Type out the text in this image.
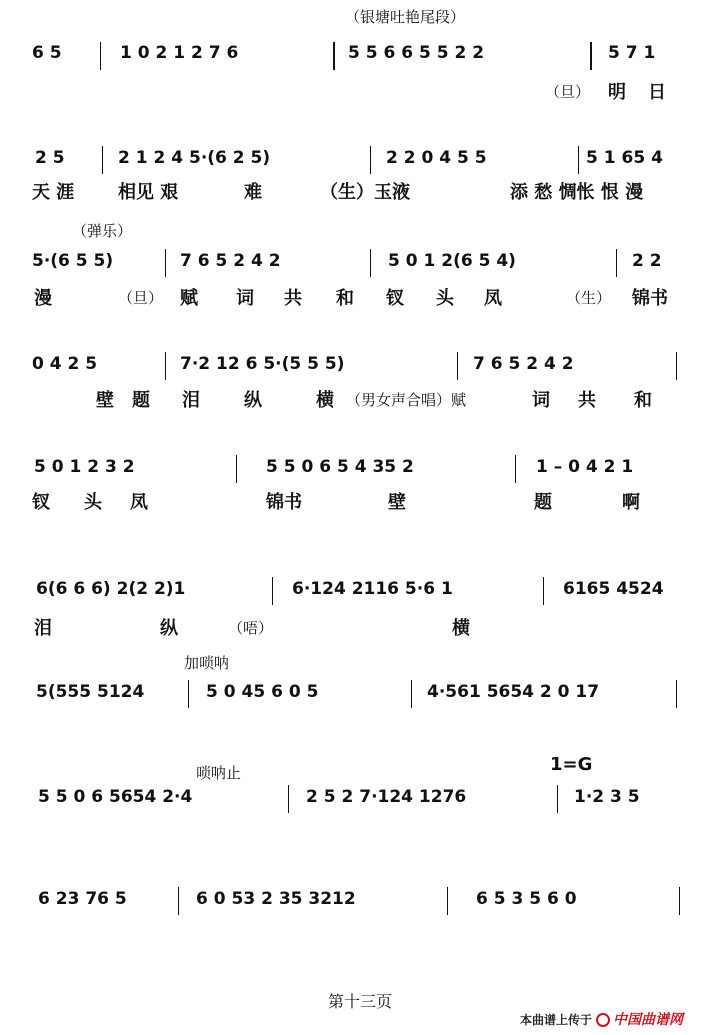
（银塘吐艳尾段）
6 5	1 0 2 1 2 7 6	5 5 6 6 5 5 2 2	5 7 1
（旦） 明 日
2 5	2 1 2 4 5·(6 2 5)	2 2 0 4 5 5	5 1 65 4
天 涯 相见 艰	难	（生）玉液	添 愁 惆怅 恨 漫
（弹乐）
5·(6 5 5)	7 6 5 2 4 2	5 0 1 2(6 5 4)	2 2
漫	（旦） 赋 词 共 和 钗 头 凤	（生） 锦书
0 4 2 5	7·2 12 6 5·(5 5 5)	7 6 5 2 4 2
壁 题 泪 纵	横 （男女声合唱）赋	词 共 和
5 0 1 2 3 2	5 5 0 6 5 4 35 2	1 – 0 4 2 1
钗 头 凤	锦书	壁	题	啊
6(6 6 6) 2(2 2)1	6·124 2116 5·6 1	6165 4524
泪	纵	（唔）	横
加唢呐
5(555 5124	5 0 45 6 0 5	4·561 5654 2 0 17
唢呐止	1=G
5 5 0 6 5654 2·4	2 5 2 7·124 1276	1·2 3 5
6 23 76 5	6 0 53 2 35 3212	6 5 3 5 6 0
第十三页
本曲谱上传于 中国曲谱网
